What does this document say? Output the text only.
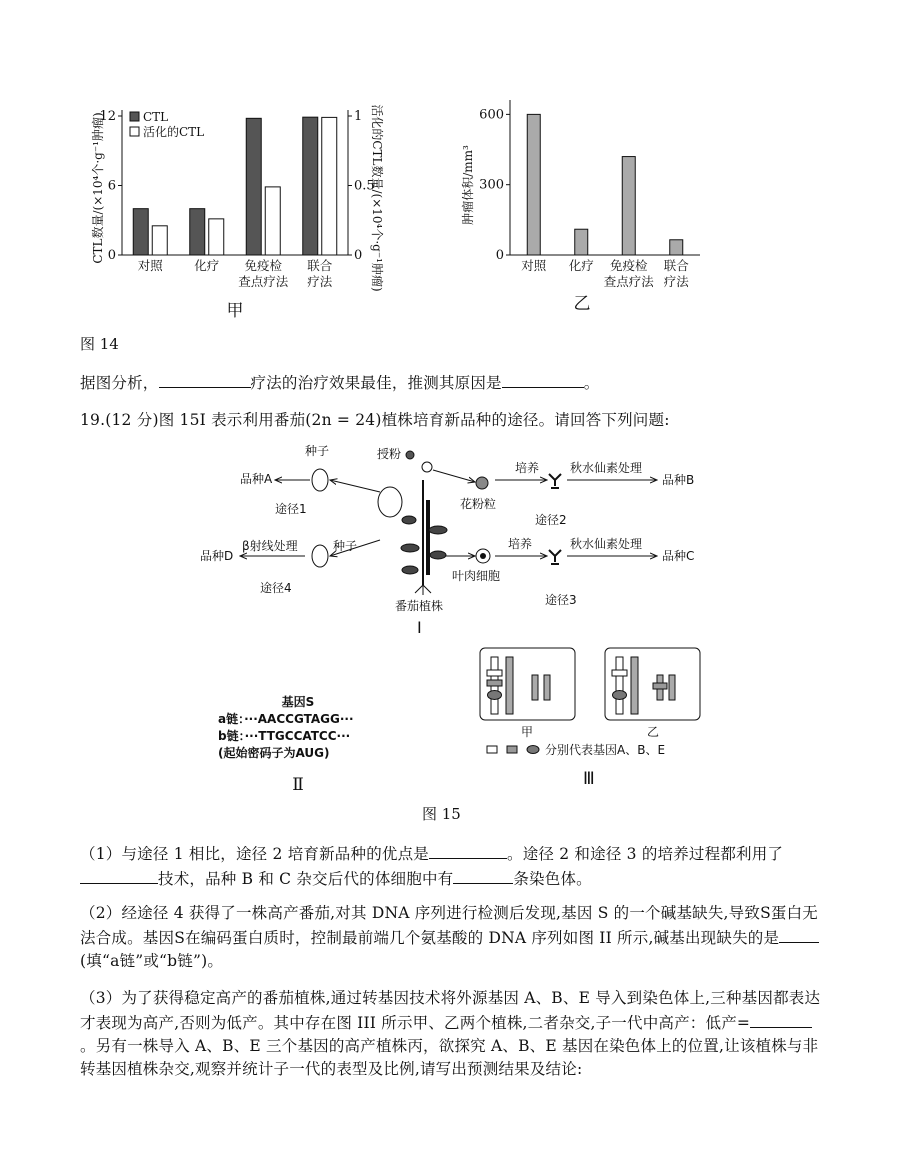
0
6
12
0
0.5
1
对照	化疗 免疫检
查点疗法
联合
疗法
CTL
活化的CTL
CTL数量/(×10⁴个·g⁻¹肿瘤)	活化的CTL数量/(×10⁴个·g⁻¹肿瘤)
甲
0
300
600
对照 化疗 免疫检
查点疗法
联合
疗法
肿瘤体积/mm³
乙
图 14
据图分析，	疗法的治疗效果最佳，推测其原因是	。
19.(12 分)图 15I 表示利用番茄(2n = 24)植株培育新品种的途径。请回答下列问题:
品种A
种子
途径1
授粉
花粉粒
培养	秋水仙素处理
品种B
途径2
番茄植株
I
品种D
β射线处理	种子
途径4
叶肉细胞
培养	秋水仙素处理
品种C
途径3
基因S
a链：···AACCGTAGG···
b链：···TTGCCATCC···
(起始密码子为AUG)
Ⅱ
甲	乙
分别代表基因A、B、E
Ⅲ
图 15
（1）与途径 1 相比，途径 2 培育新品种的优点是	。途径 2 和途径 3 的培养过程都利用了技术，品种 B 和 C 杂交后代的体细胞中有	条染色体。
（2）经途径 4 获得了一株高产番茄,对其 DNA 序列进行检测后发现,基因 S 的一个碱基缺失,导致S蛋白无法合成。基因S在编码蛋白质时，控制最前端几个氨基酸的 DNA 序列如图 II 所示,碱基出现缺失的是(填“a链”或“b链”)。
（3）为了获得稳定高产的番茄植株,通过转基因技术将外源基因 A、B、E 导入到染色体上,三种基因都表达才表现为高产,否则为低产。其中存在图 III 所示甲、乙两个植株,二者杂交,子一代中高产：低产=。另有一株导入 A、B、E 三个基因的高产植株丙，欲探究 A、B、E 基因在染色体上的位置,让该植株与非转基因植株杂交,观察并统计子一代的表型及比例,请写出预测结果及结论:
